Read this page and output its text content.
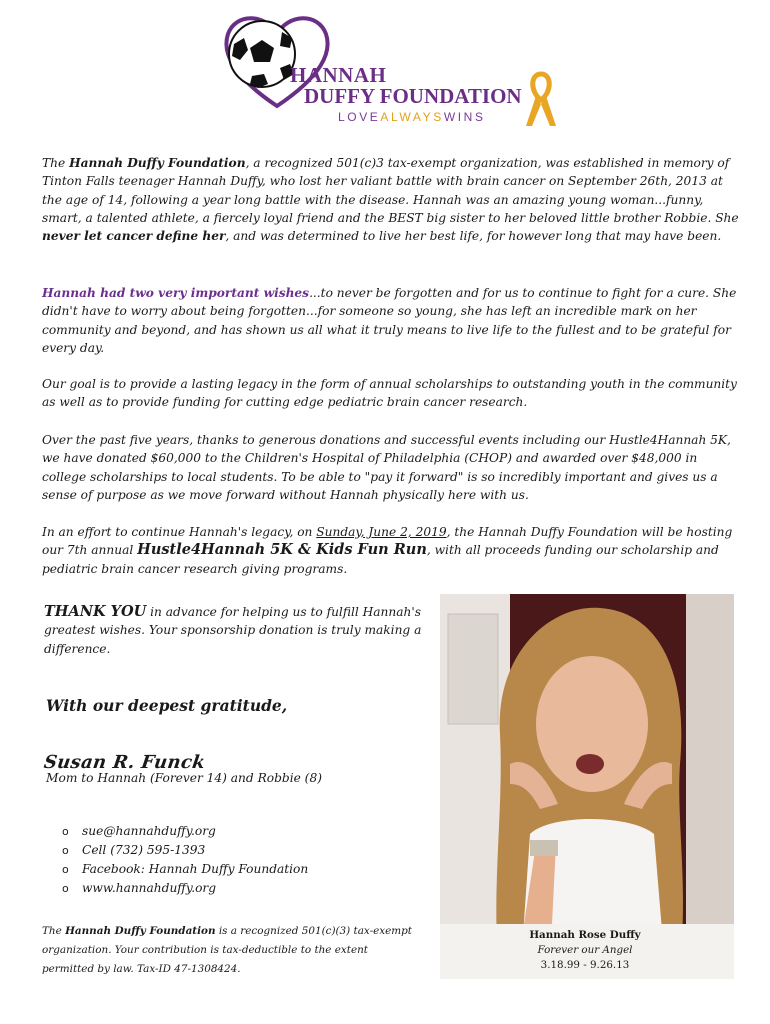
HANNAH
DUFFY FOUNDATION
LOVEALWAYSWINS

The Hannah Duffy Foundation, a recognized 501(c)3 tax-exempt organization, was established in memory of Tinton Falls teenager Hannah Duffy, who lost her valiant battle with brain cancer on September 26th, 2013 at the age of 14, following a year long battle with the disease. Hannah was an amazing young woman...funny, smart, a talented athlete, a fiercely loyal friend and the BEST big sister to her beloved little brother Robbie. She never let cancer define her, and was determined to live her best life, for however long that may have been.

Hannah had two very important wishes...to never be forgotten and for us to continue to fight for a cure. She didn't have to worry about being forgotten...for someone so young, she has left an incredible mark on her community and beyond, and has shown us all what it truly means to live life to the fullest and to be grateful for every day.

Our goal is to provide a lasting legacy in the form of annual scholarships to outstanding youth in the community as well as to provide funding for cutting edge pediatric brain cancer research.

Over the past five years, thanks to generous donations and successful events including our Hustle4Hannah 5K, we have donated $60,000 to the Children's Hospital of Philadelphia (CHOP) and awarded over $48,000 in college scholarships to local students. To be able to "pay it forward" is so incredibly important and gives us a sense of purpose as we move forward without Hannah physically here with us.

In an effort to continue Hannah's legacy, on Sunday, June 2, 2019, the Hannah Duffy Foundation will be hosting our 7th annual Hustle4Hannah 5K & Kids Fun Run, with all proceeds funding our scholarship and pediatric brain cancer research giving programs.

THANK YOU in advance for helping us to fulfill Hannah's greatest wishes. Your sponsorship donation is truly making a difference.

With our deepest gratitude,
Susan R. Funck
Mom to Hannah (Forever 14) and Robbie (8)
o sue@hannahduffy.org
o Cell (732) 595-1393
o Facebook: Hannah Duffy Foundation
o www.hannahduffy.org
The Hannah Duffy Foundation is a recognized 501(c)(3) tax-exempt organization. Your contribution is tax-deductible to the extent permitted by law. Tax-ID 47-1308424.
Hannah Rose Duffy
Forever our Angel
3.18.99 - 9.26.13
